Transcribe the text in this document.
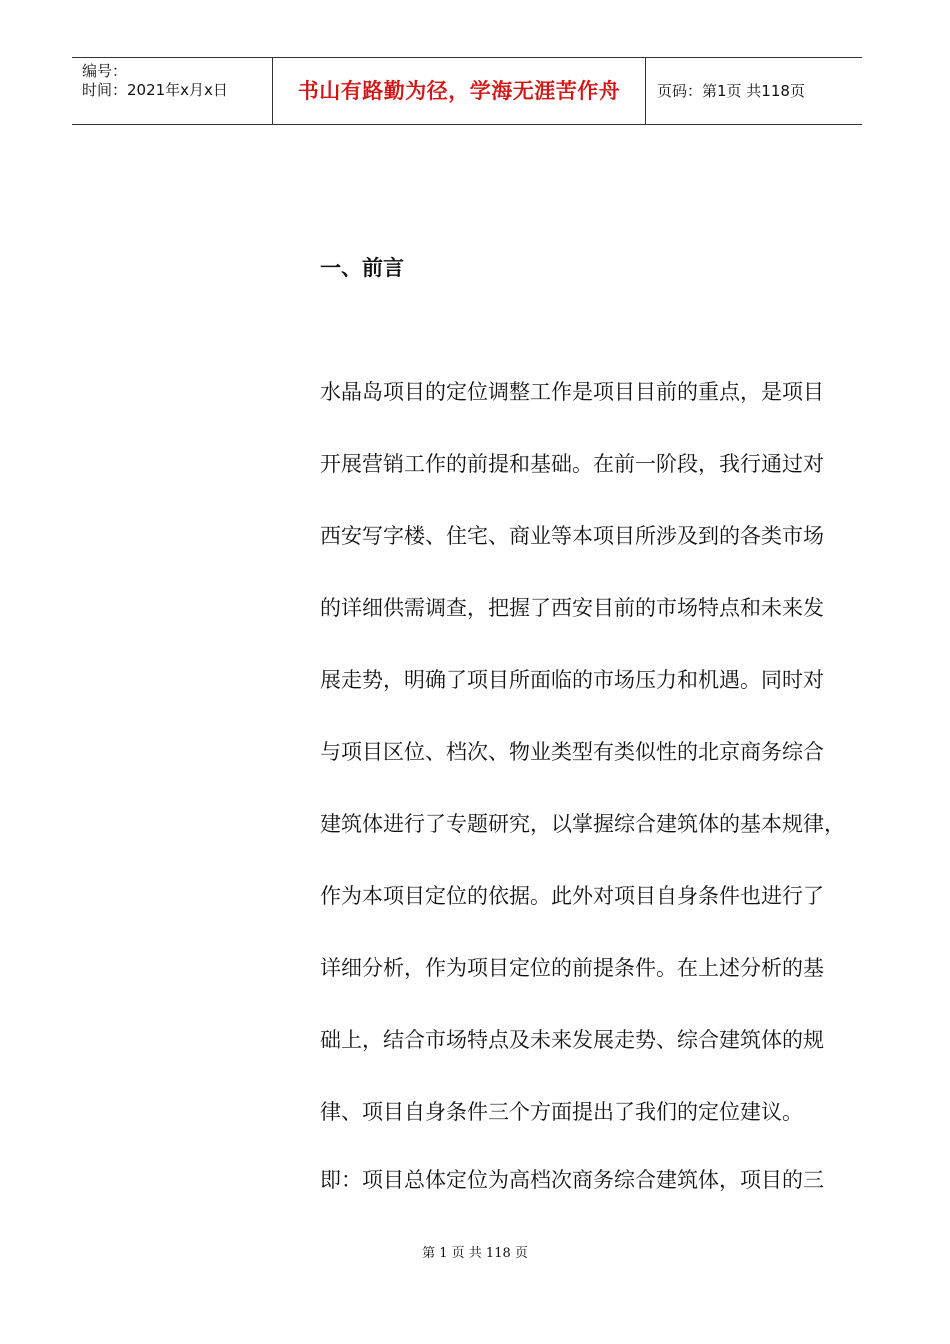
编号：
时间：2021年x月x日	书山有路勤为径，学海无涯苦作舟	页码：第1页 共118页
一、前言
水晶岛项目的定位调整工作是项目目前的重点，是项目
开展营销工作的前提和基础。在前一阶段，我行通过对
西安写字楼、住宅、商业等本项目所涉及到的各类市场
的详细供需调查，把握了西安目前的市场特点和未来发
展走势，明确了项目所面临的市场压力和机遇。同时对
与项目区位、档次、物业类型有类似性的北京商务综合
建筑体进行了专题研究，以掌握综合建筑体的基本规律，
作为本项目定位的依据。此外对项目自身条件也进行了
详细分析，作为项目定位的前提条件。在上述分析的基
础上，结合市场特点及未来发展走势、综合建筑体的规
律、项目自身条件三个方面提出了我们的定位建议。
即：项目总体定位为高档次商务综合建筑体，项目的三
第 1 页 共 118 页
